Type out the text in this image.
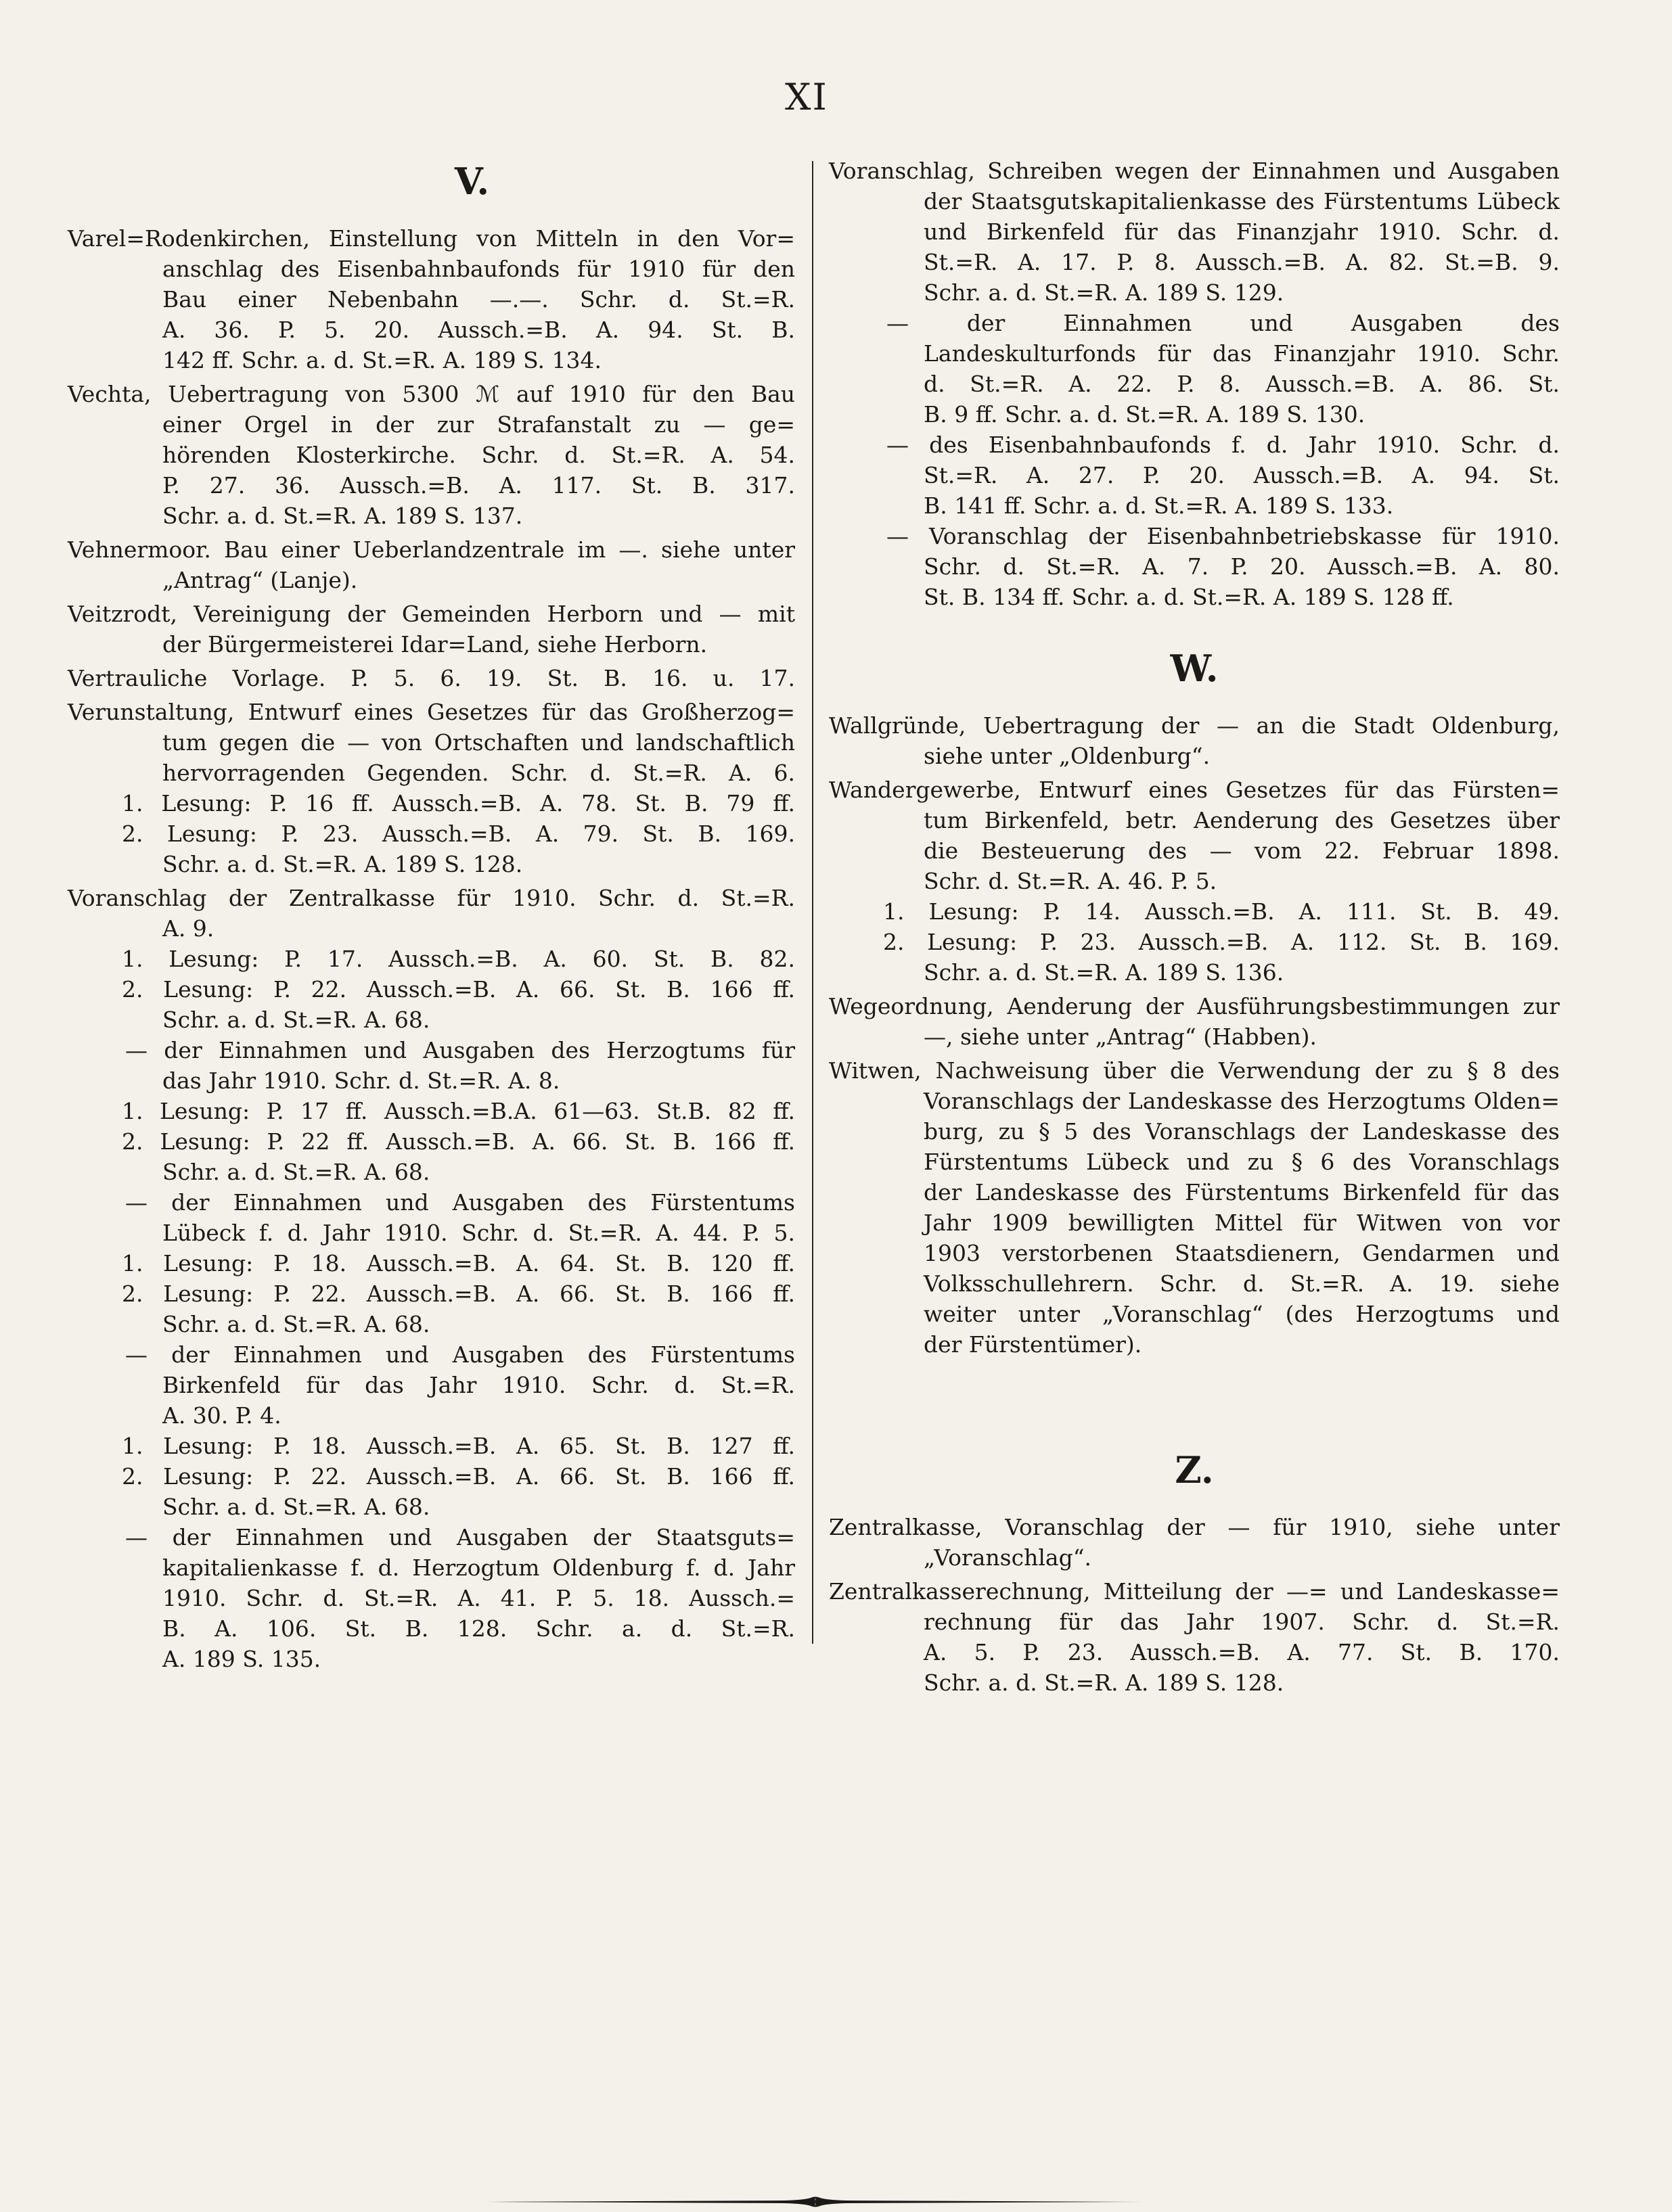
XI
V.
Varel=Rodenkirchen, Einstellung von Mitteln in den Vor=
anschlag des Eisenbahnbaufonds für 1910 für den
Bau einer Nebenbahn —.—. Schr. d. St.=R.
A. 36. P. 5. 20. Aussch.=B. A. 94. St. B.
142 ff. Schr. a. d. St.=R. A. 189 S. 134.
Vechta, Uebertragung von 5300 ℳ auf 1910 für den Bau
einer Orgel in der zur Strafanstalt zu — ge=
hörenden Klosterkirche. Schr. d. St.=R. A. 54.
P. 27. 36. Aussch.=B. A. 117. St. B. 317.
Schr. a. d. St.=R. A. 189 S. 137.
Vehnermoor. Bau einer Ueberlandzentrale im —. siehe unter
„Antrag“ (Lanje).
Veitzrodt, Vereinigung der Gemeinden Herborn und — mit
der Bürgermeisterei Idar=Land, siehe Herborn.
Vertrauliche Vorlage. P. 5. 6. 19. St. B. 16. u. 17.
Verunstaltung, Entwurf eines Gesetzes für das Großherzog=
tum gegen die — von Ortschaften und landschaftlich
hervorragenden Gegenden. Schr. d. St.=R. A. 6.
1. Lesung: P. 16 ff. Aussch.=B. A. 78. St. B. 79 ff.
2. Lesung: P. 23. Aussch.=B. A. 79. St. B. 169.
Schr. a. d. St.=R. A. 189 S. 128.
Voranschlag der Zentralkasse für 1910. Schr. d. St.=R.
A. 9.
1. Lesung: P. 17. Aussch.=B. A. 60. St. B. 82.
2. Lesung: P. 22. Aussch.=B. A. 66. St. B. 166 ff.
Schr. a. d. St.=R. A. 68.
— der Einnahmen und Ausgaben des Herzogtums für
das Jahr 1910. Schr. d. St.=R. A. 8.
1. Lesung: P. 17 ff. Aussch.=B.A. 61—63. St.B. 82 ff.
2. Lesung: P. 22 ff. Aussch.=B. A. 66. St. B. 166 ff.
Schr. a. d. St.=R. A. 68.
— der Einnahmen und Ausgaben des Fürstentums
Lübeck f. d. Jahr 1910. Schr. d. St.=R. A. 44. P. 5.
1. Lesung: P. 18. Aussch.=B. A. 64. St. B. 120 ff.
2. Lesung: P. 22. Aussch.=B. A. 66. St. B. 166 ff.
Schr. a. d. St.=R. A. 68.
— der Einnahmen und Ausgaben des Fürstentums
Birkenfeld für das Jahr 1910. Schr. d. St.=R.
A. 30. P. 4.
1. Lesung: P. 18. Aussch.=B. A. 65. St. B. 127 ff.
2. Lesung: P. 22. Aussch.=B. A. 66. St. B. 166 ff.
Schr. a. d. St.=R. A. 68.
— der Einnahmen und Ausgaben der Staatsguts=
kapitalienkasse f. d. Herzogtum Oldenburg f. d. Jahr
1910. Schr. d. St.=R. A. 41. P. 5. 18. Aussch.=
B. A. 106. St. B. 128. Schr. a. d. St.=R.
A. 189 S. 135.
Voranschlag, Schreiben wegen der Einnahmen und Ausgaben
der Staatsgutskapitalienkasse des Fürstentums Lübeck
und Birkenfeld für das Finanzjahr 1910. Schr. d.
St.=R. A. 17. P. 8. Aussch.=B. A. 82. St.=B. 9.
Schr. a. d. St.=R. A. 189 S. 129.
— der Einnahmen und Ausgaben des
Landeskulturfonds für das Finanzjahr 1910. Schr.
d. St.=R. A. 22. P. 8. Aussch.=B. A. 86. St.
B. 9 ff. Schr. a. d. St.=R. A. 189 S. 130.
— des Eisenbahnbaufonds f. d. Jahr 1910. Schr. d.
St.=R. A. 27. P. 20. Aussch.=B. A. 94. St.
B. 141 ff. Schr. a. d. St.=R. A. 189 S. 133.
— Voranschlag der Eisenbahnbetriebskasse für 1910.
Schr. d. St.=R. A. 7. P. 20. Aussch.=B. A. 80.
St. B. 134 ff. Schr. a. d. St.=R. A. 189 S. 128 ff.
W.
Wallgründe, Uebertragung der — an die Stadt Oldenburg,
siehe unter „Oldenburg“.
Wandergewerbe, Entwurf eines Gesetzes für das Fürsten=
tum Birkenfeld, betr. Aenderung des Gesetzes über
die Besteuerung des — vom 22. Februar 1898.
Schr. d. St.=R. A. 46. P. 5.
1. Lesung: P. 14. Aussch.=B. A. 111. St. B. 49.
2. Lesung: P. 23. Aussch.=B. A. 112. St. B. 169.
Schr. a. d. St.=R. A. 189 S. 136.
Wegeordnung, Aenderung der Ausführungsbestimmungen zur
—, siehe unter „Antrag“ (Habben).
Witwen, Nachweisung über die Verwendung der zu § 8 des
Voranschlags der Landeskasse des Herzogtums Olden=
burg, zu § 5 des Voranschlags der Landeskasse des
Fürstentums Lübeck und zu § 6 des Voranschlags
der Landeskasse des Fürstentums Birkenfeld für das
Jahr 1909 bewilligten Mittel für Witwen von vor
1903 verstorbenen Staatsdienern, Gendarmen und
Volksschullehrern. Schr. d. St.=R. A. 19. siehe
weiter unter „Voranschlag“ (des Herzogtums und
der Fürstentümer).
Z.
Zentralkasse, Voranschlag der — für 1910, siehe unter
„Voranschlag“.
Zentralkasserechnung, Mitteilung der —= und Landeskasse=
rechnung für das Jahr 1907. Schr. d. St.=R.
A. 5. P. 23. Aussch.=B. A. 77. St. B. 170.
Schr. a. d. St.=R. A. 189 S. 128.
